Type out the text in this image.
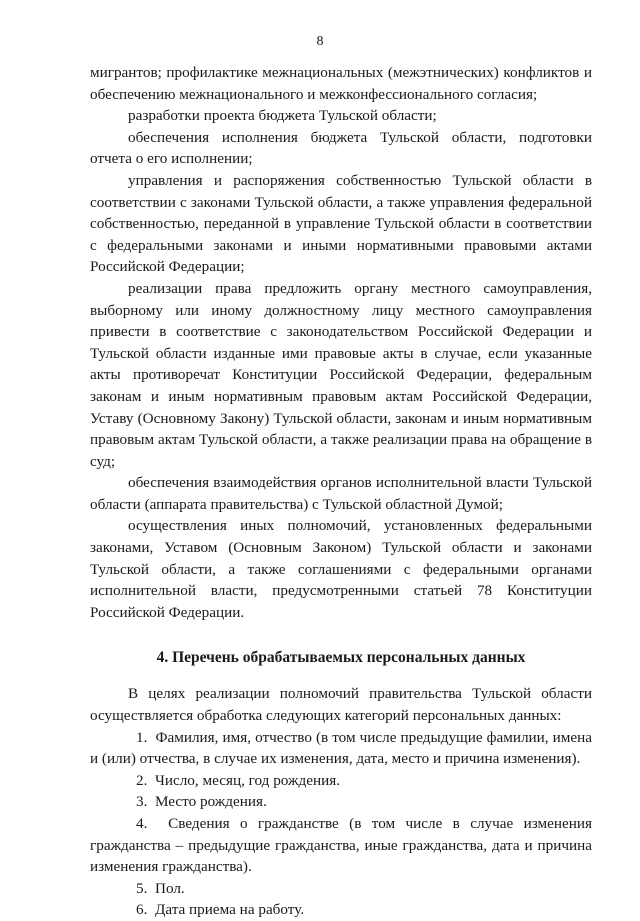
8

мигрантов; профилактике межнациональных (межэтнических) конфликтов и обеспечению межнационального и межконфессионального согласия;

разработки проекта бюджета Тульской области;

обеспечения исполнения бюджета Тульской области, подготовки отчета о его исполнении;

управления и распоряжения собственностью Тульской области в соответствии с законами Тульской области, а также управления федеральной собственностью, переданной в управление Тульской области в соответствии с федеральными законами и иными нормативными правовыми актами Российской Федерации;

реализации права предложить органу местного самоуправления, выборному или иному должностному лицу местного самоуправления привести в соответствие с законодательством Российской Федерации и Тульской области изданные ими правовые акты в случае, если указанные акты противоречат Конституции Российской Федерации, федеральным законам и иным нормативным правовым актам Российской Федерации, Уставу (Основному Закону) Тульской области, законам и иным нормативным правовым актам Тульской области, а также реализации права на обращение в суд;

обеспечения взаимодействия органов исполнительной власти Тульской области (аппарата правительства) с Тульской областной Думой;

осуществления иных полномочий, установленных федеральными законами, Уставом (Основным Законом) Тульской области и законами Тульской области, а также соглашениями с федеральными органами исполнительной власти, предусмотренными статьей 78 Конституции Российской Федерации.

4. Перечень обрабатываемых персональных данных

В целях реализации полномочий правительства Тульской области осуществляется обработка следующих категорий персональных данных:

1. Фамилия, имя, отчество (в том числе предыдущие фамилии, имена и (или) отчества, в случае их изменения, дата, место и причина изменения).

2. Число, месяц, год рождения.

3. Место рождения.

4. Сведения о гражданстве (в том числе в случае изменения гражданства – предыдущие гражданства, иные гражданства, дата и причина изменения гражданства).

5. Пол.

6. Дата приема на работу.
